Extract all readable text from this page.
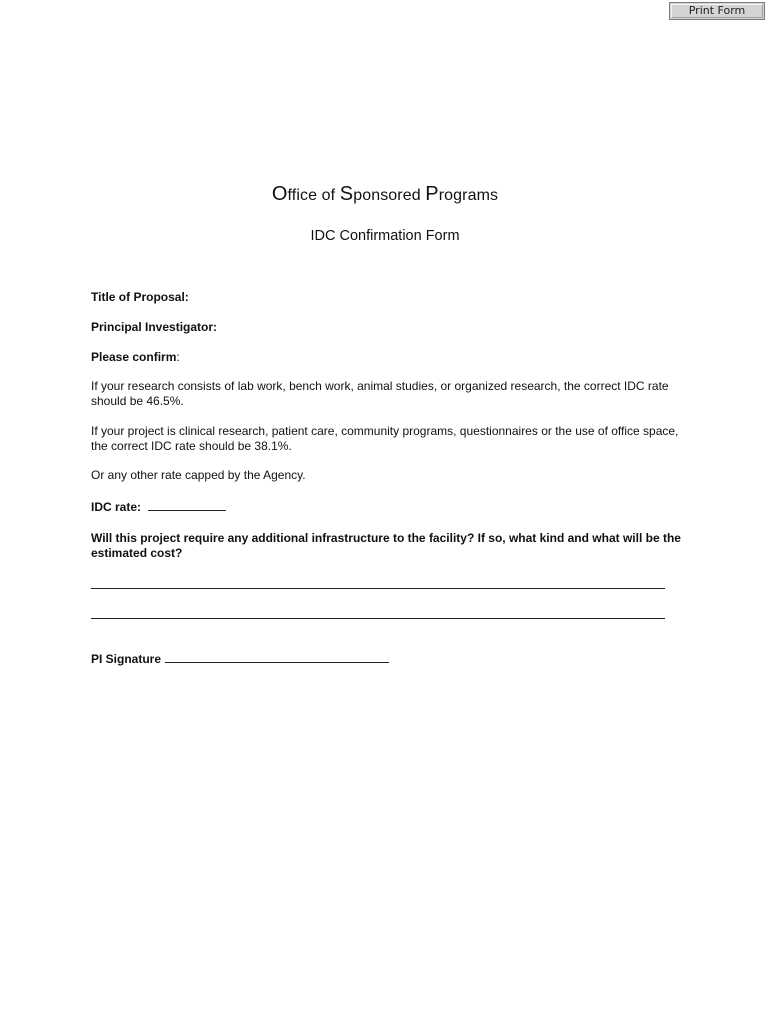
Print Form
Office of Sponsored Programs
IDC Confirmation Form
Title of Proposal:
Principal Investigator:
Please confirm:
If your research consists of lab work, bench work, animal studies, or organized research, the correct IDC rate should be 46.5%.
If your project is clinical research, patient care, community programs, questionnaires or the use of office space, the correct IDC rate should be 38.1%.
Or any other rate capped by the Agency.
IDC rate:
Will this project require any additional infrastructure to the facility? If so, what kind and what will be the estimated cost?
PI Signature
